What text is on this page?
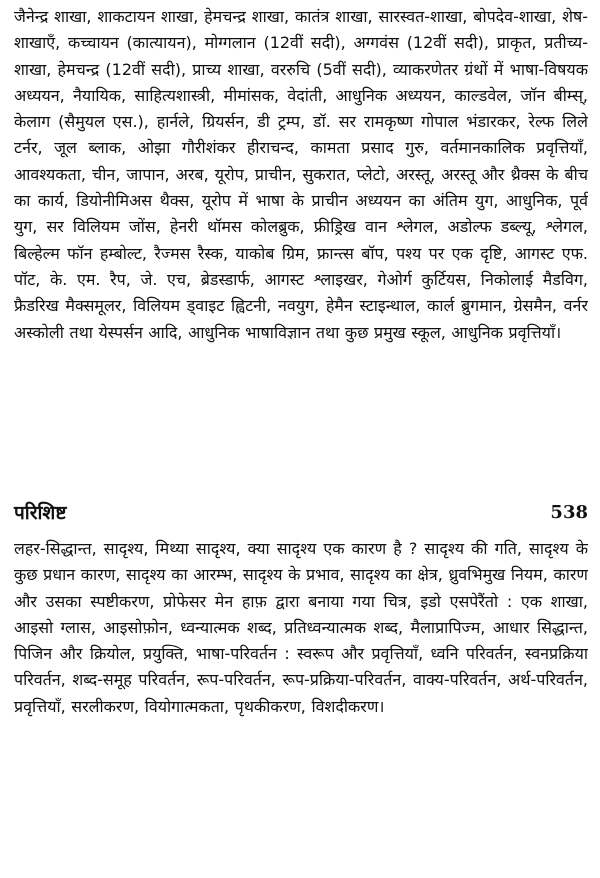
जैनेन्द्र शाखा, शाकटायन शाखा, हेमचन्द्र शाखा, कातंत्र शाखा, सारस्वत-शाखा, बोपदेव-शाखा, शेष-शाखाएँ, कच्चायन (कात्यायन), मोग्गलान (12वीं सदी), अग्गवंस (12वीं सदी), प्राकृत, प्रतीच्य-शाखा, हेमचन्द्र (12वीं सदी), प्राच्य शाखा, वररुचि (5वीं सदी), व्याकरणेतर ग्रंथों में भाषा-विषयक अध्ययन, नैयायिक, साहित्यशास्त्री, मीमांसक, वेदांती, आधुनिक अध्ययन, काल्डवेल, जॉन बीम्स्, केलाग (सैमुयल एस.), हार्नले, ग्रियर्सन, डी ट्रम्प, डॉ. सर रामकृष्ण गोपाल भंडारकर, रेल्फ लिले टर्नर, जूल ब्लाक, ओझा गौरीशंकर हीराचन्द, कामता प्रसाद गुरु, वर्तमानकालिक प्रवृत्तियाँ, आवश्यकता, चीन, जापान, अरब, यूरोप, प्राचीन, सुकरात, प्लेटो, अरस्तू, अरस्तू और थ्रैक्स के बीच का कार्य, डियोनीमिअस थैक्स, यूरोप में भाषा के प्राचीन अध्ययन का अंतिम युग, आधुनिक, पूर्व युग, सर विलियम जोंस, हेनरी थॉमस कोलब्रुक, फ्रीड्रिख वान श्लेगल, अडोल्फ डब्ल्यू, श्लेगल, बिल्हेल्म फॉन हम्बोल्ट, रैज्मस रैस्क, याकोब ग्रिम, फ्रान्त्स बॉप, पश्य पर एक दृष्टि, आगस्ट एफ. पॉट, के. एम. रैप, जे. एच, ब्रेडस्डार्फ, आगस्ट श्लाइखर, गेओर्ग कुर्टियस, निकोलाई मैडविग, फ्रैडरिख मैक्समूलर, विलियम ड्वाइट ह्विटनी, नवयुग, हेमैन स्टाइन्थाल, कार्ल ब्रुगमान, ग्रेसमैन, वर्नर अस्कोली तथा येस्पर्सन आदि, आधुनिक भाषाविज्ञान तथा कुछ प्रमुख स्कूल, आधुनिक प्रवृत्तियाँ।

परिशिष्ट	538

लहर-सिद्धान्त, सादृश्य, मिथ्या सादृश्य, क्या सादृश्य एक कारण है ? सादृश्य की गति, सादृश्य के कुछ प्रधान कारण, सादृश्य का आरम्भ, सादृश्य के प्रभाव, सादृश्य का क्षेत्र, ध्रुवभिमुख नियम, कारण और उसका स्पष्टीकरण, प्रोफेसर मेन हाफ़ द्वारा बनाया गया चित्र, इडो एसपेरैंतो : एक शाखा, आइसो ग्लास, आइसोफ़ोन, ध्वन्यात्मक शब्द, प्रतिध्वन्यात्मक शब्द, मैलाप्रापिज्म, आधार सिद्धान्त, पिजिन और क्रियोल, प्रयुक्ति, भाषा-परिवर्तन : स्वरूप और प्रवृत्तियाँ, ध्वनि परिवर्तन, स्वनप्रक्रिया परिवर्तन, शब्द-समूह परिवर्तन, रूप-परिवर्तन, रूप-प्रक्रिया-परिवर्तन, वाक्य-परिवर्तन, अर्थ-परिवर्तन, प्रवृत्तियाँ, सरलीकरण, वियोगात्मकता, पृथकीकरण, विशदीकरण।
